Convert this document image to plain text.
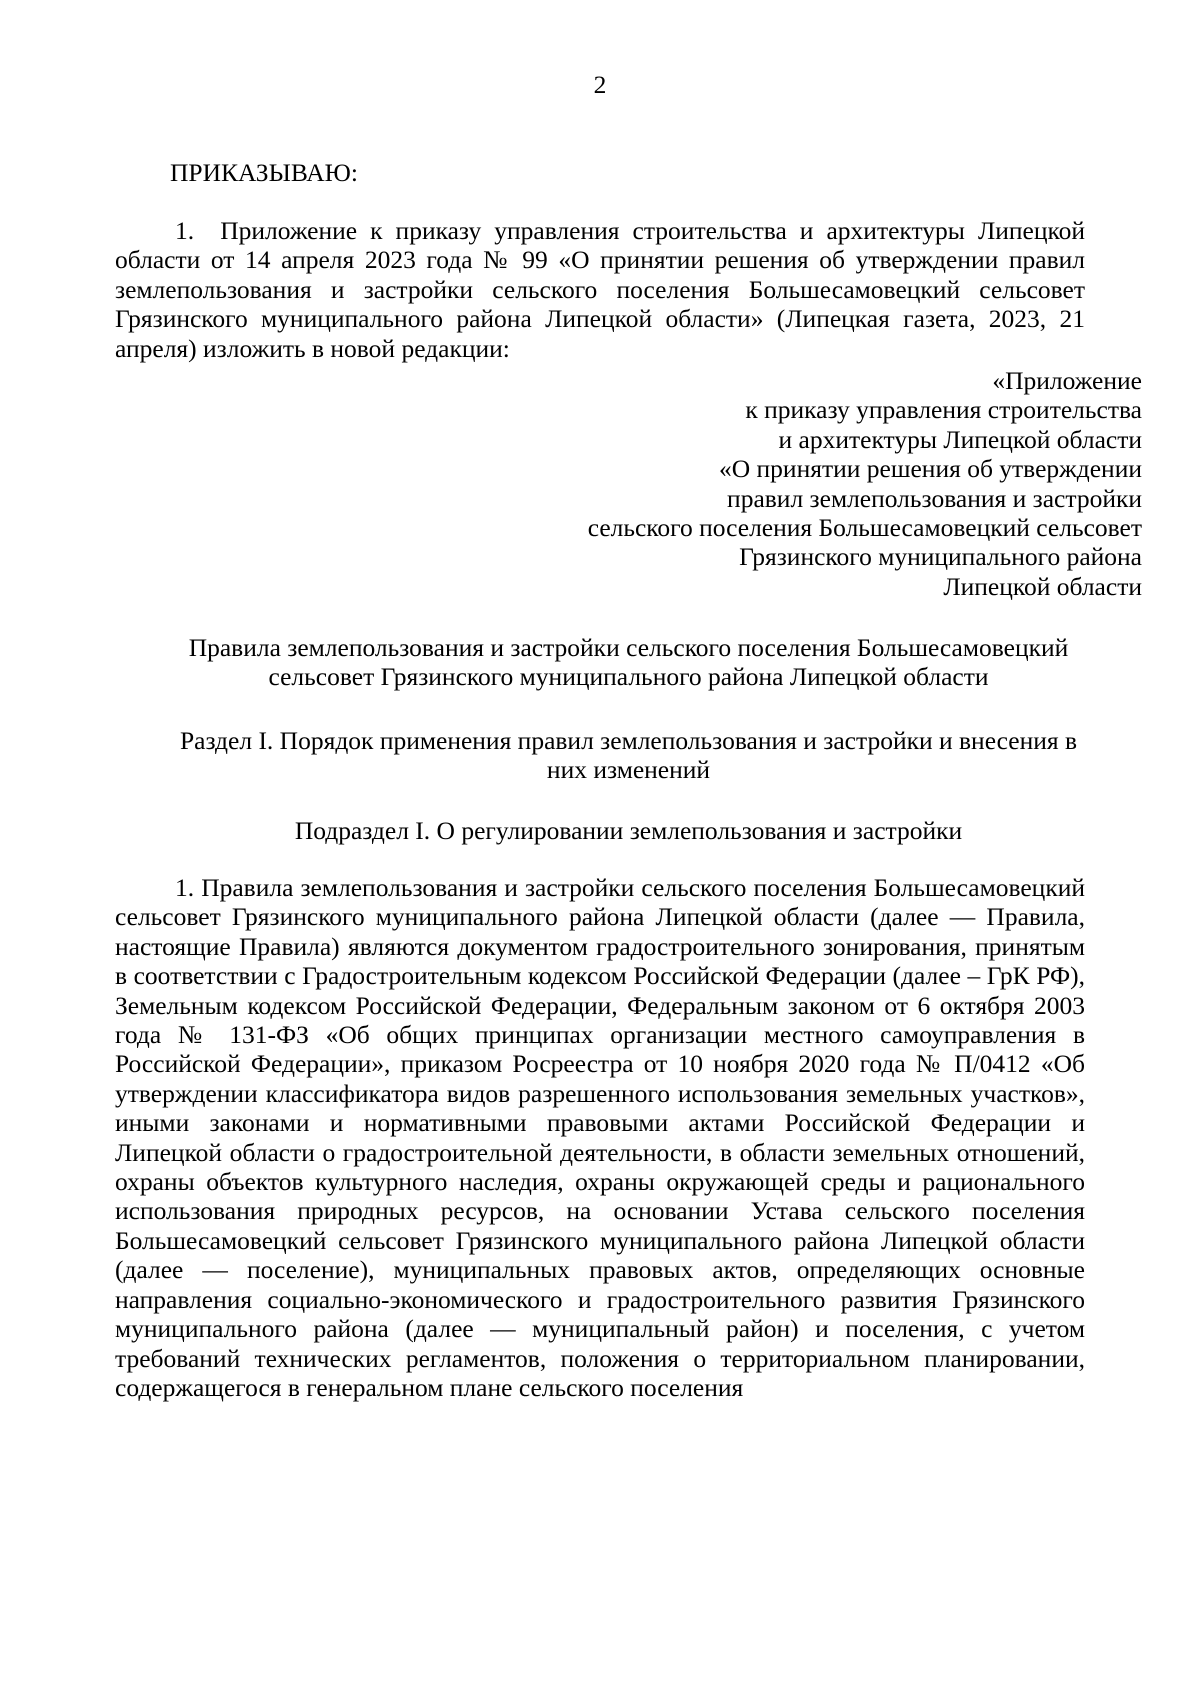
2
ПРИКАЗЫВАЮ:
1. Приложение к приказу управления строительства и архитектуры Липецкой области от 14 апреля 2023 года № 99 «О принятии решения об утверждении правил землепользования и застройки сельского поселения Большесамовецкий сельсовет Грязинского муниципального района Липецкой области» (Липецкая газета, 2023, 21 апреля) изложить в новой редакции:
«Приложение
к приказу управления строительства
и архитектуры Липецкой области
«О принятии решения об утверждении
правил землепользования и застройки
сельского поселения Большесамовецкий сельсовет
Грязинского муниципального района
Липецкой области
Правила землепользования и застройки сельского поселения Большесамовецкий
сельсовет Грязинского муниципального района Липецкой области
Раздел I. Порядок применения правил землепользования и застройки и внесения в
них изменений
Подраздел I. О регулировании землепользования и застройки
1. Правила землепользования и застройки сельского поселения Большесамовецкий сельсовет Грязинского муниципального района Липецкой области (далее — Правила, настоящие Правила) являются документом градостроительного зонирования, принятым в соответствии с Градостроительным кодексом Российской Федерации (далее – ГрК РФ), Земельным кодексом Российской Федерации, Федеральным законом от 6 октября 2003 года № 131-ФЗ «Об общих принципах организации местного самоуправления в Российской Федерации», приказом Росреестра от 10 ноября 2020 года № П/0412 «Об утверждении классификатора видов разрешенного использования земельных участков», иными законами и нормативными правовыми актами Российской Федерации и Липецкой области о градостроительной деятельности, в области земельных отношений, охраны объектов культурного наследия, охраны окружающей среды и рационального использования природных ресурсов, на основании Устава сельского поселения Большесамовецкий сельсовет Грязинского муниципального района Липецкой области (далее — поселение), муниципальных правовых актов, определяющих основные направления социально-экономического и градостроительного развития Грязинского муниципального района (далее — муниципальный район) и поселения, с учетом требований технических регламентов, положения о территориальном планировании, содержащегося в генеральном плане сельского поселения
